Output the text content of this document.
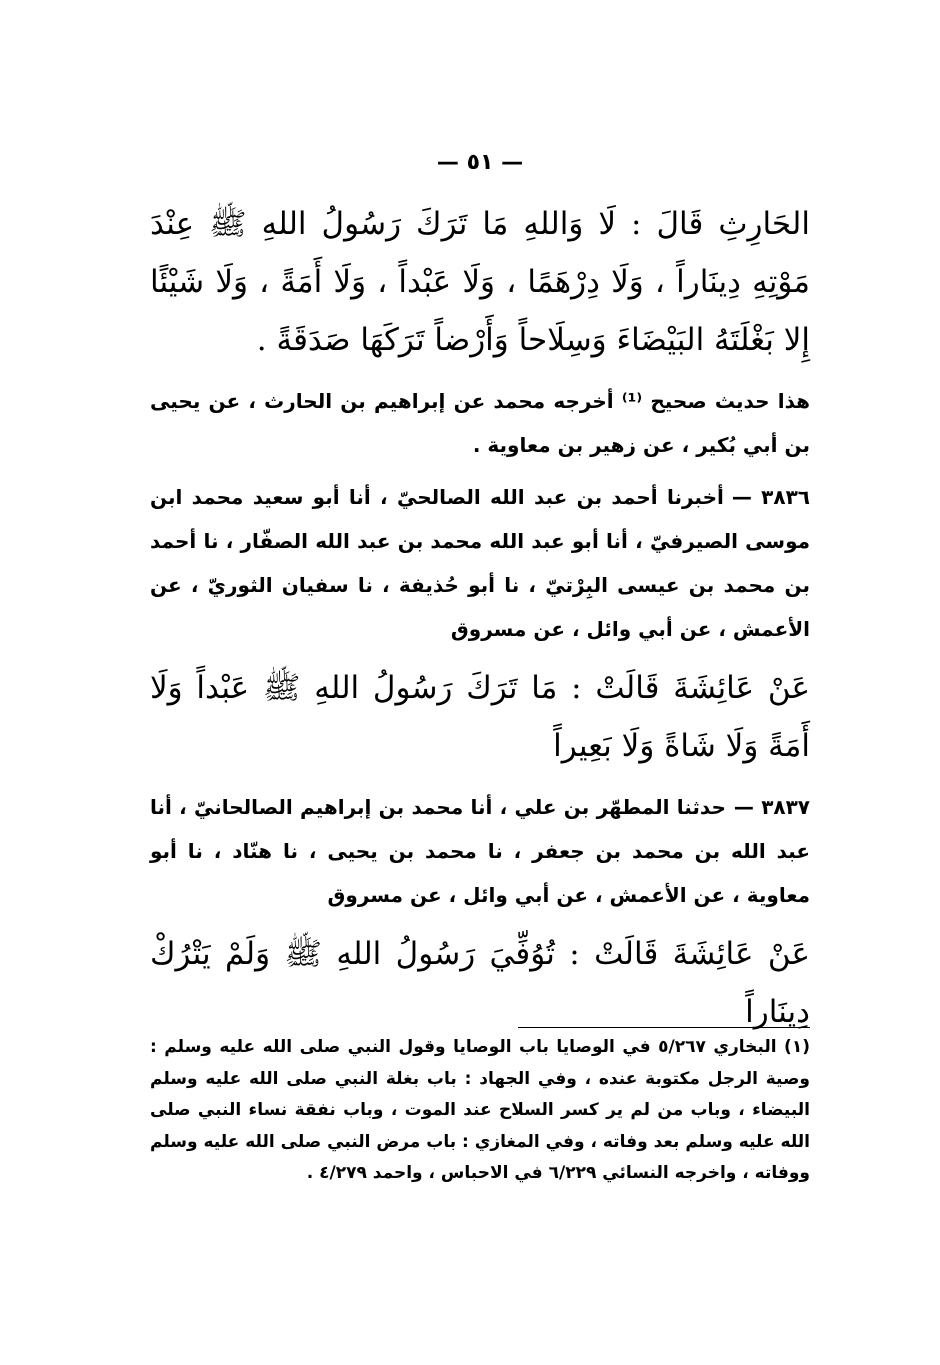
— ٥١ —

الحَارِثِ قَالَ : لَا وَاللهِ مَا تَرَكَ رَسُولُ اللهِ ﷺ عِنْدَ مَوْتِهِ دِينَاراً ، وَلَا دِرْهَمًا ، وَلَا عَبْداً ، وَلَا أَمَةً ، وَلَا شَيْئًا إِلا بَغْلَتَهُ البَيْضَاءَ وَسِلَاحاً وَأَرْضاً تَرَكَهَا صَدَقَةً .

هذا حديث صحيح ⁽¹⁾ أخرجه محمد عن إبراهيم بن الحارث ، عن يحيى بن أبي بُكير ، عن زهير بن معاوية .

٣٨٣٦ —أخبرنا أحمد بن عبد الله الصالحيّ ، أنا أبو سعيد محمد ابن موسى الصيرفيّ ، أنا أبو عبد الله محمد بن عبد الله الصفّار ، نا أحمد بن محمد بن عيسى البِرْتيّ ، نا أبو حُذيفة ، نا سفيان الثوريّ ، عن الأعمش ، عن أبي وائل ، عن مسروق

عَنْ عَائِشَةَ قَالَتْ : مَا تَرَكَ رَسُولُ اللهِ ﷺ عَبْداً وَلَا أَمَةً وَلَا شَاةً وَلَا بَعِيراً

٣٨٣٧ —حدثنا المطهّر بن علي ، أنا محمد بن إبراهيم الصالحانيّ ، أنا عبد الله بن محمد بن جعفر ، نا محمد بن يحيى ، نا هنّاد ، نا أبو معاوية ، عن الأعمش ، عن أبي وائل ، عن مسروق

عَنْ عَائِشَةَ قَالَتْ : تُوُفِّيَ رَسُولُ اللهِ ﷺ وَلَمْ يَتْرُكْ دِينَاراً

(١) البخاري ٥/٢٦٧ في الوصايا باب الوصايا وقول النبي صلى الله عليه وسلم : وصية الرجل مكتوبة عنده ، وفي الجهاد : باب بغلة النبي صلى الله عليه وسلم البيضاء ، وباب من لم ير كسر السلاح عند الموت ، وباب نفقة نساء النبي صلى الله عليه وسلم بعد وفاته ، وفي المغازي : باب مرض النبي صلى الله عليه وسلم ووفاته ، واخرجه النسائي ٦/٢٢٩ في الاحباس ، واحمد ٤/٢٧٩ .
